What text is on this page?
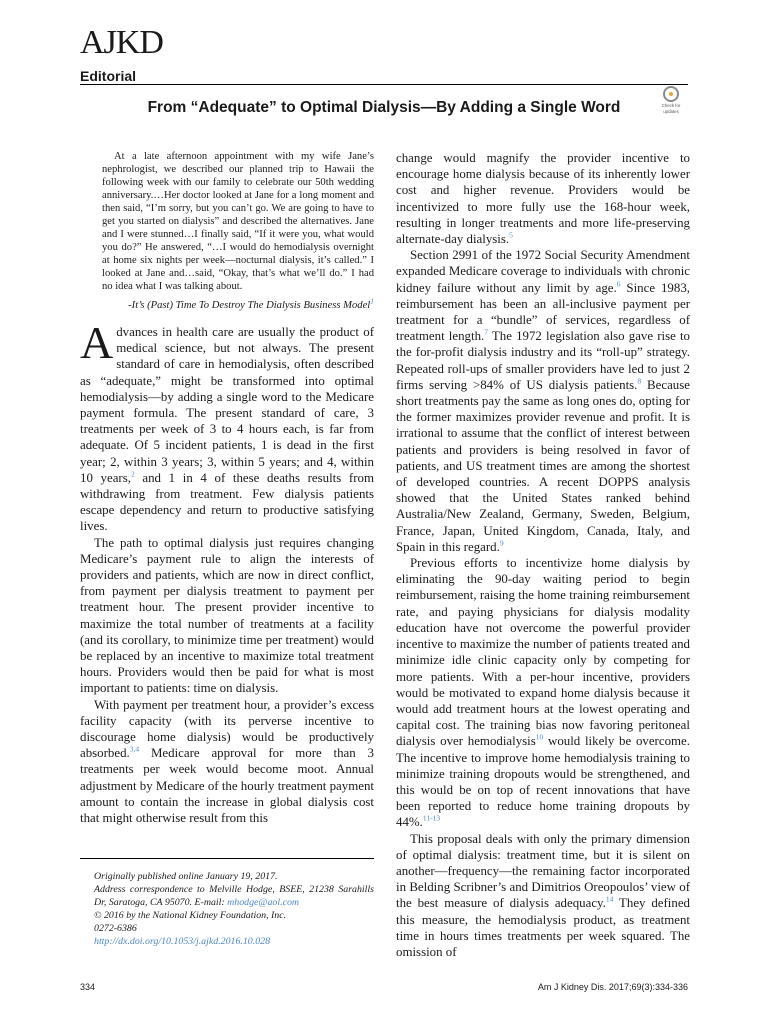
AJKD
Editorial
From “Adequate” to Optimal Dialysis—By Adding a Single Word	Check for
updates
At a late afternoon appointment with my wife Jane’s nephrologist, we described our planned trip to Hawaii the following week with our family to celebrate our 50th wedding anniversary.…Her doctor looked at Jane for a long moment and then said, “I’m sorry, but you can’t go. We are going to have to get you started on dialysis” and described the alternatives. Jane and I were stunned…I finally said, “If it were you, what would you do?” He answered, “…I would do hemodialysis overnight at home six nights per week—nocturnal dialysis, it’s called.” I looked at Jane and…said, “Okay, that’s what we’ll do.” I had no idea what I was talking about.
-It’s (Past) Time To Destroy The Dialysis Business Model$^1$

Advances in health care are usually the product of medical science, but not always. The present standard of care in hemodialysis, often described as “adequate,” might be transformed into optimal hemodialysis—by adding a single word to the Medicare payment formula. The present standard of care, 3 treatments per week of 3 to 4 hours each, is far from adequate. Of 5 incident patients, 1 is dead in the first year; 2, within 3 years; 3, within 5 years; and 4, within 10 years,$^2$ and 1 in 4 of these deaths results from withdrawing from treatment. Few dialysis patients escape dependency and return to productive satisfying lives.

The path to optimal dialysis just requires changing Medicare’s payment rule to align the interests of providers and patients, which are now in direct conflict, from payment per dialysis treatment to payment per treatment hour. The present provider incentive to maximize the total number of treatments at a facility (and its corollary, to minimize time per treatment) would be replaced by an incentive to maximize total treatment hours. Providers would then be paid for what is most important to patients: time on dialysis.

With payment per treatment hour, a provider’s excess facility capacity (with its perverse incentive to discourage home dialysis) would be productively absorbed.$^{3,4}$ Medicare approval for more than 3 treatments per week would become moot. Annual adjustment by Medicare of the hourly treatment payment amount to contain the increase in global dialysis cost that might otherwise result from this

Originally published online January 19, 2017.
Address correspondence to Melville Hodge, BSEE, 21238 Sarahills Dr, Saratoga, CA 95070. E-mail: mhodge@aol.com
© 2016 by the National Kidney Foundation, Inc.
0272-6386
http://dx.doi.org/10.1053/j.ajkd.2016.10.028

change would magnify the provider incentive to encourage home dialysis because of its inherently lower cost and higher revenue. Providers would be incentivized to more fully use the 168-hour week, resulting in longer treatments and more life-preserving alternate-day dialysis.$^5$

Section 2991 of the 1972 Social Security Amendment expanded Medicare coverage to individuals with chronic kidney failure without any limit by age.$^6$ Since 1983, reimbursement has been an all-inclusive payment per treatment for a “bundle” of services, regardless of treatment length.$^7$ The 1972 legislation also gave rise to the for-profit dialysis industry and its “roll-up” strategy. Repeated roll-ups of smaller providers have led to just 2 firms serving >84% of US dialysis patients.$^8$ Because short treatments pay the same as long ones do, opting for the former maximizes provider revenue and profit. It is irrational to assume that the conflict of interest between patients and providers is being resolved in favor of patients, and US treatment times are among the shortest of developed countries. A recent DOPPS analysis showed that the United States ranked behind Australia/New Zealand, Germany, Sweden, Belgium, France, Japan, United Kingdom, Canada, Italy, and Spain in this regard.$^9$

Previous efforts to incentivize home dialysis by eliminating the 90-day waiting period to begin reimbursement, raising the home training reimbursement rate, and paying physicians for dialysis modality education have not overcome the powerful provider incentive to maximize the number of patients treated and minimize idle clinic capacity only by competing for more patients. With a per-hour incentive, providers would be motivated to expand home dialysis because it would add treatment hours at the lowest operating and capital cost. The training bias now favoring peritoneal dialysis over hemodialysis$^{10}$ would likely be overcome. The incentive to improve home hemodialysis training to minimize training dropouts would be strengthened, and this would be on top of recent innovations that have been reported to reduce home training dropouts by 44%.$^{11-13}$

This proposal deals with only the primary dimension of optimal dialysis: treatment time, but it is silent on another—frequency—the remaining factor incorporated in Belding Scribner’s and Dimitrios Oreopoulos’ view of the best measure of dialysis adequacy.$^{14}$ They defined this measure, the hemodialysis product, as treatment time in hours times treatments per week squared. The omission of

334	Am J Kidney Dis. 2017;69(3):334-336
